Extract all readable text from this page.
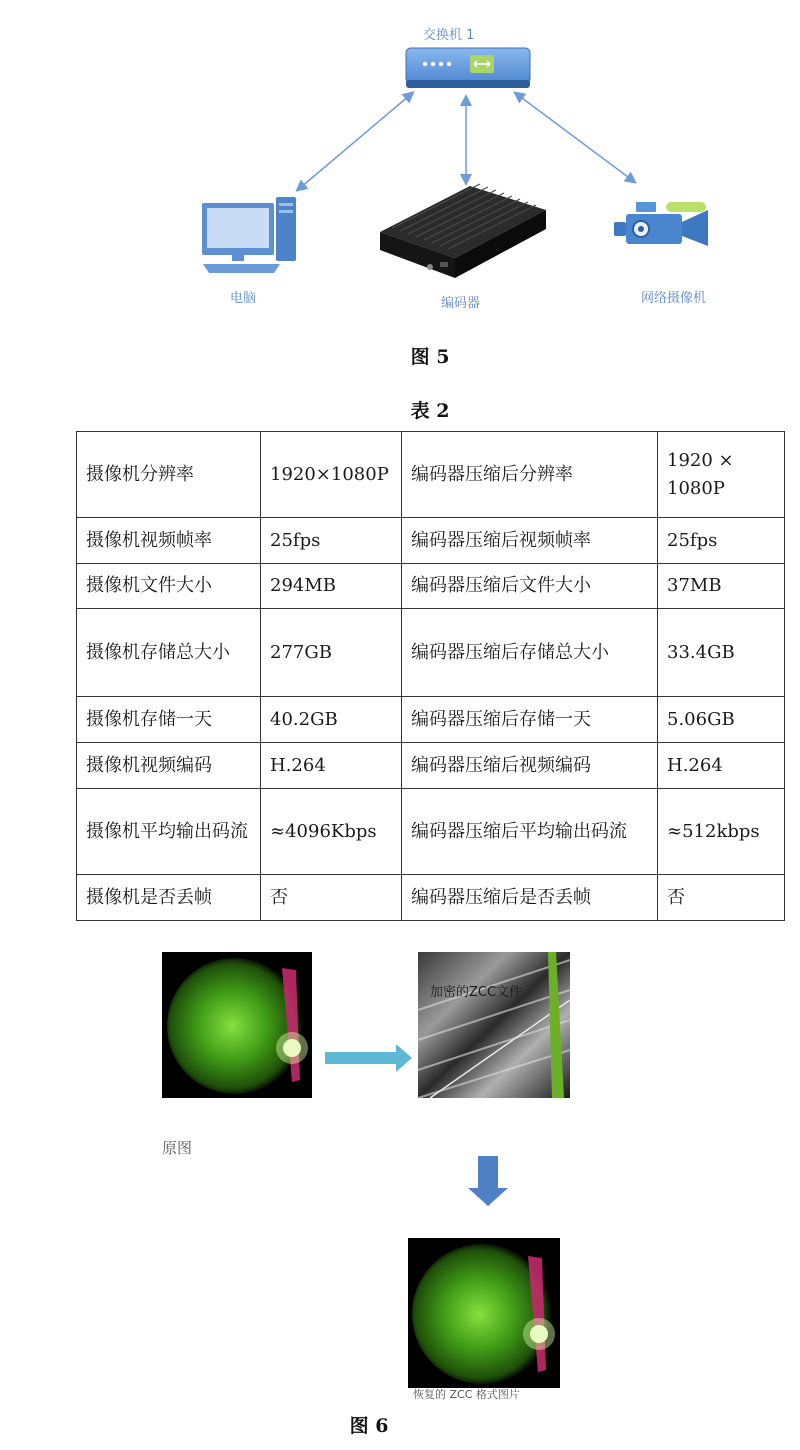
交换机 1
电脑	编码器	网络摄像机
图 5
表 2
摄像机分辨率	1920×1080P	编码器压缩后分辨率	1920 × 1080P
摄像机视频帧率	25fps	编码器压缩后视频帧率	25fps
摄像机文件大小	294MB	编码器压缩后文件大小	37MB
摄像机存储总大小	277GB	编码器压缩后存储总大小	33.4GB
摄像机存储一天	40.2GB	编码器压缩后存储一天	5.06GB
摄像机视频编码	H.264	编码器压缩后视频编码	H.264
摄像机平均输出码流	≈4096Kbps	编码器压缩后平均输出码流	≈512kbps
摄像机是否丢帧	否	编码器压缩后是否丢帧	否
加密的ZCC文件
原图
恢复的 ZCC 格式图片
图 6
